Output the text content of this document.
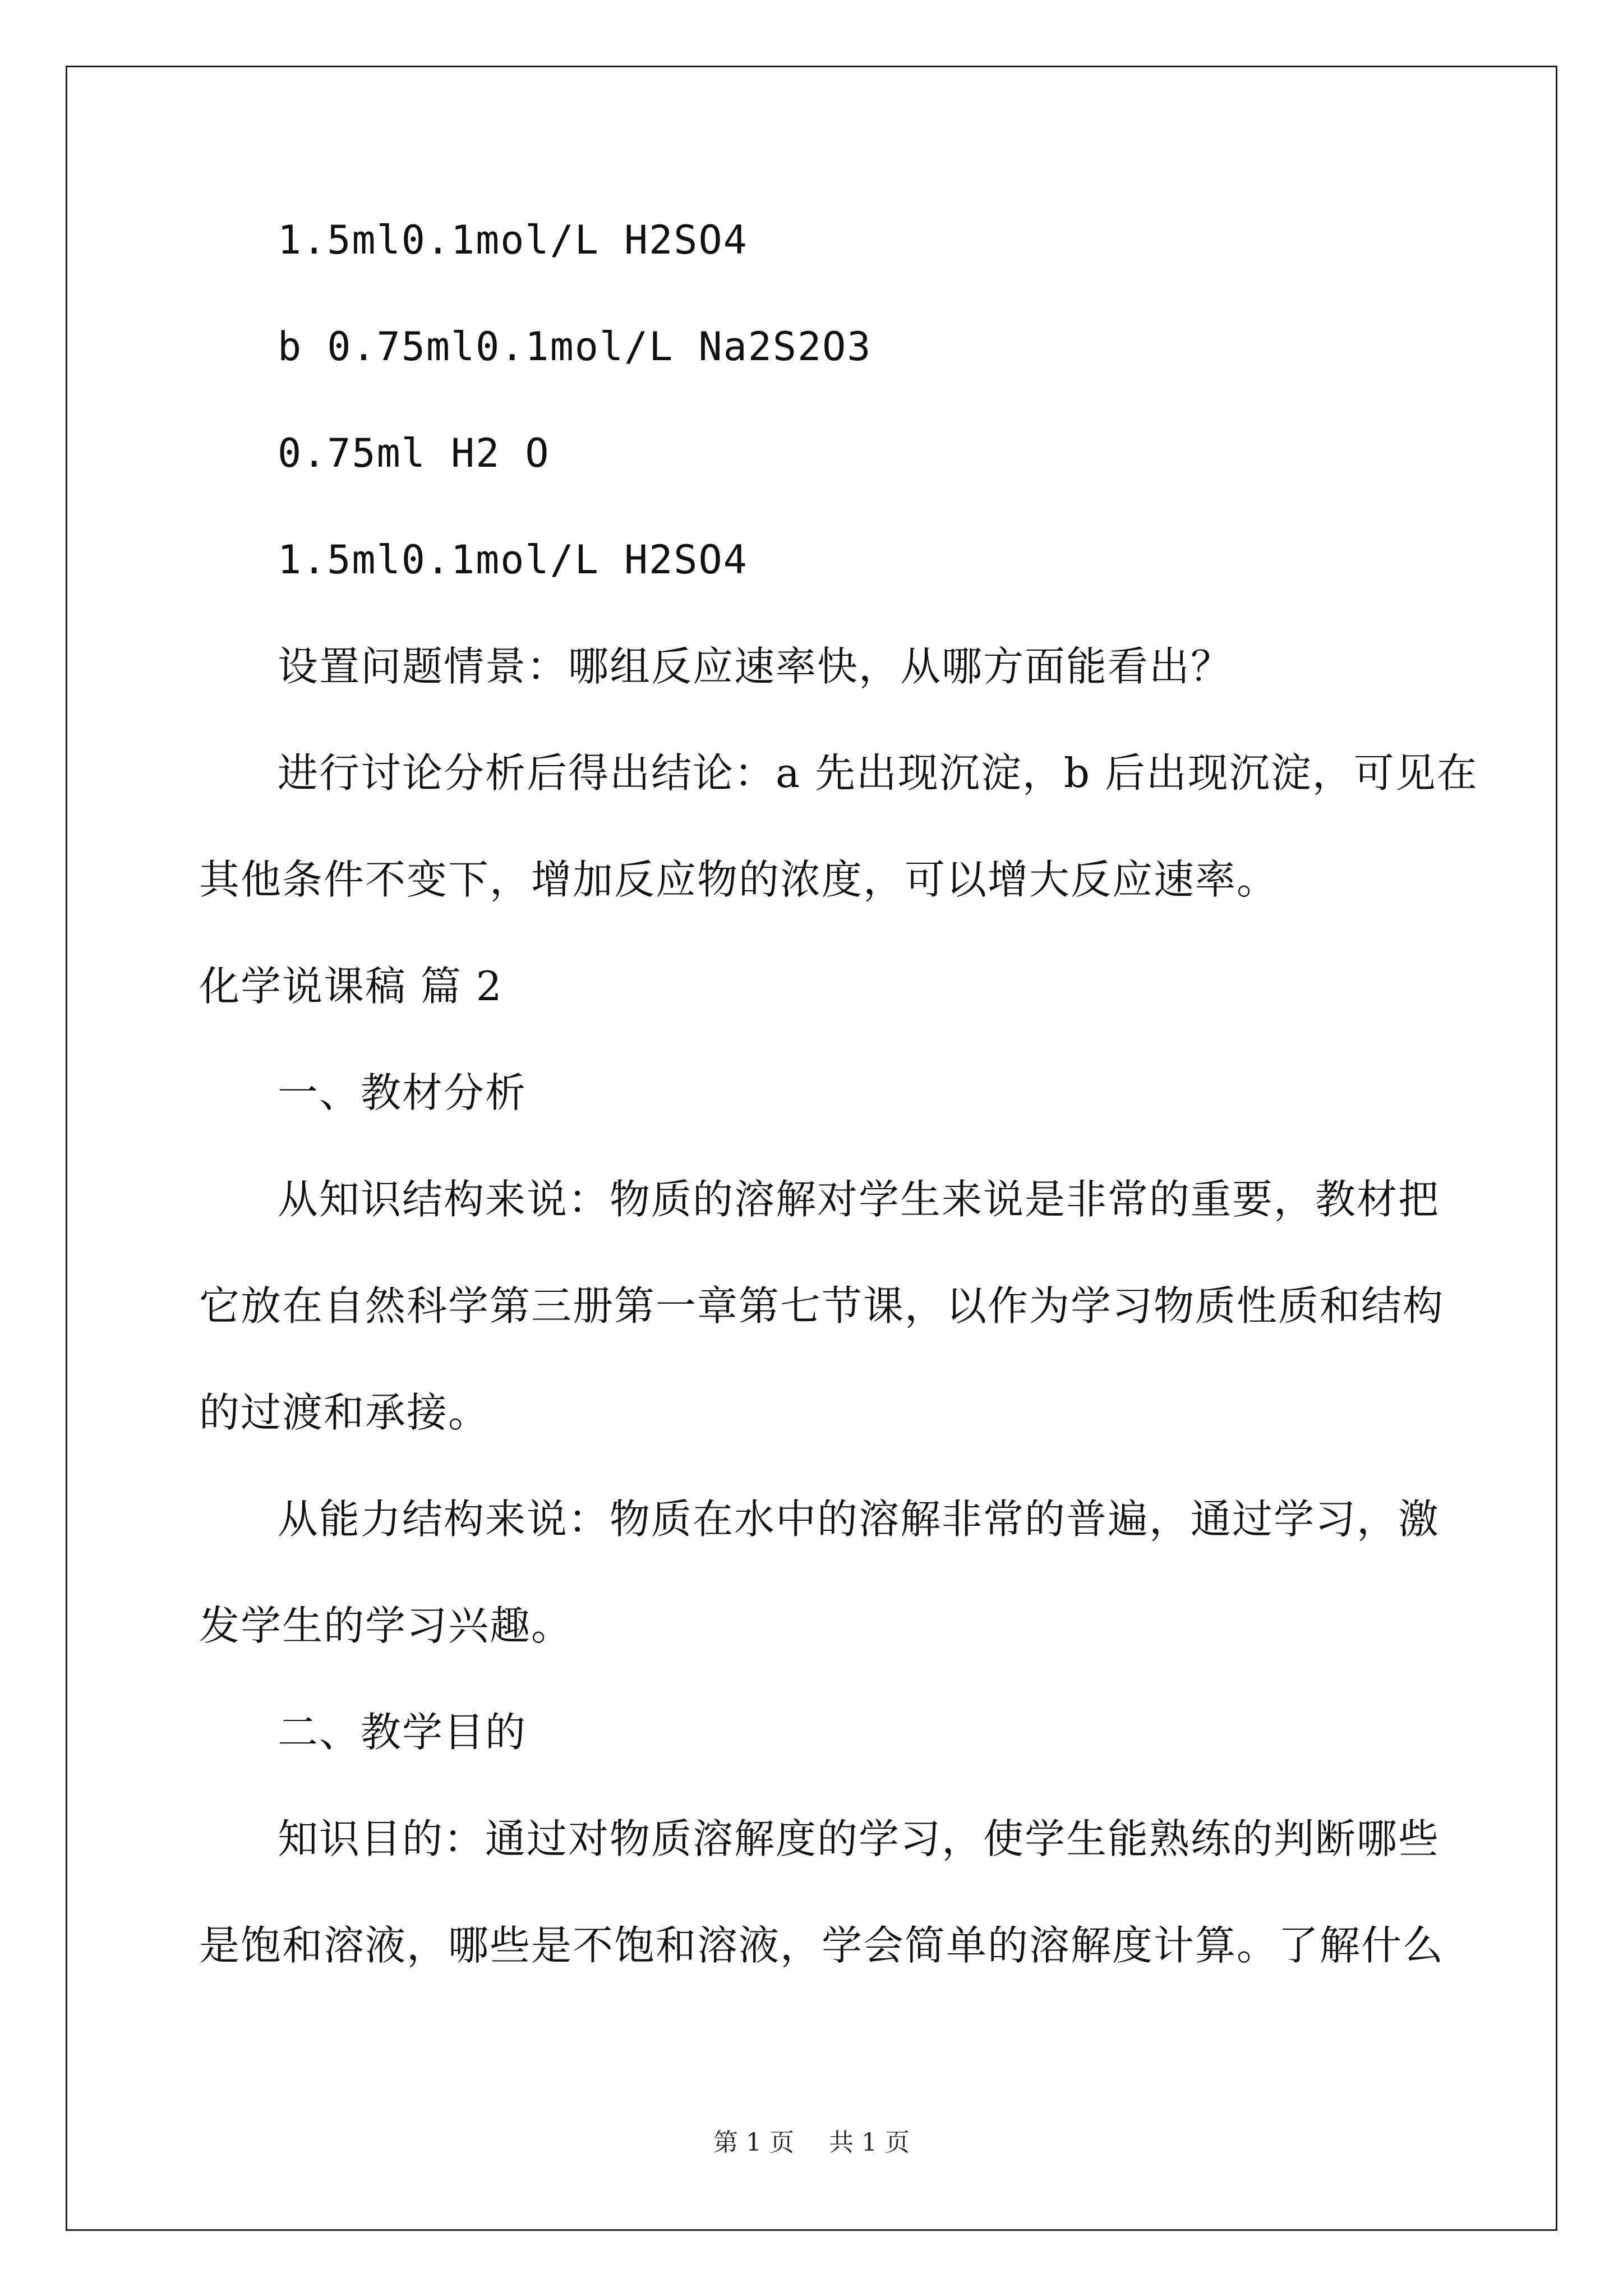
1.5ml0.1mol/L H2SO4
b 0.75ml0.1mol/L Na2S2O3
0.75ml H2 O
1.5ml0.1mol/L H2SO4
设置问题情景：哪组反应速率快，从哪方面能看出？
进行讨论分析后得出结论：a 先出现沉淀，b 后出现沉淀，可见在
其他条件不变下，增加反应物的浓度，可以增大反应速率。
化学说课稿 篇 2
一、教材分析
从知识结构来说：物质的溶解对学生来说是非常的重要，教材把
它放在自然科学第三册第一章第七节课，以作为学习物质性质和结构
的过渡和承接。
从能力结构来说：物质在水中的溶解非常的普遍，通过学习，激
发学生的学习兴趣。
二、教学目的
知识目的：通过对物质溶解度的学习，使学生能熟练的判断哪些
是饱和溶液，哪些是不饱和溶液，学会简单的溶解度计算。了解什么
第 1 页 共 1 页
